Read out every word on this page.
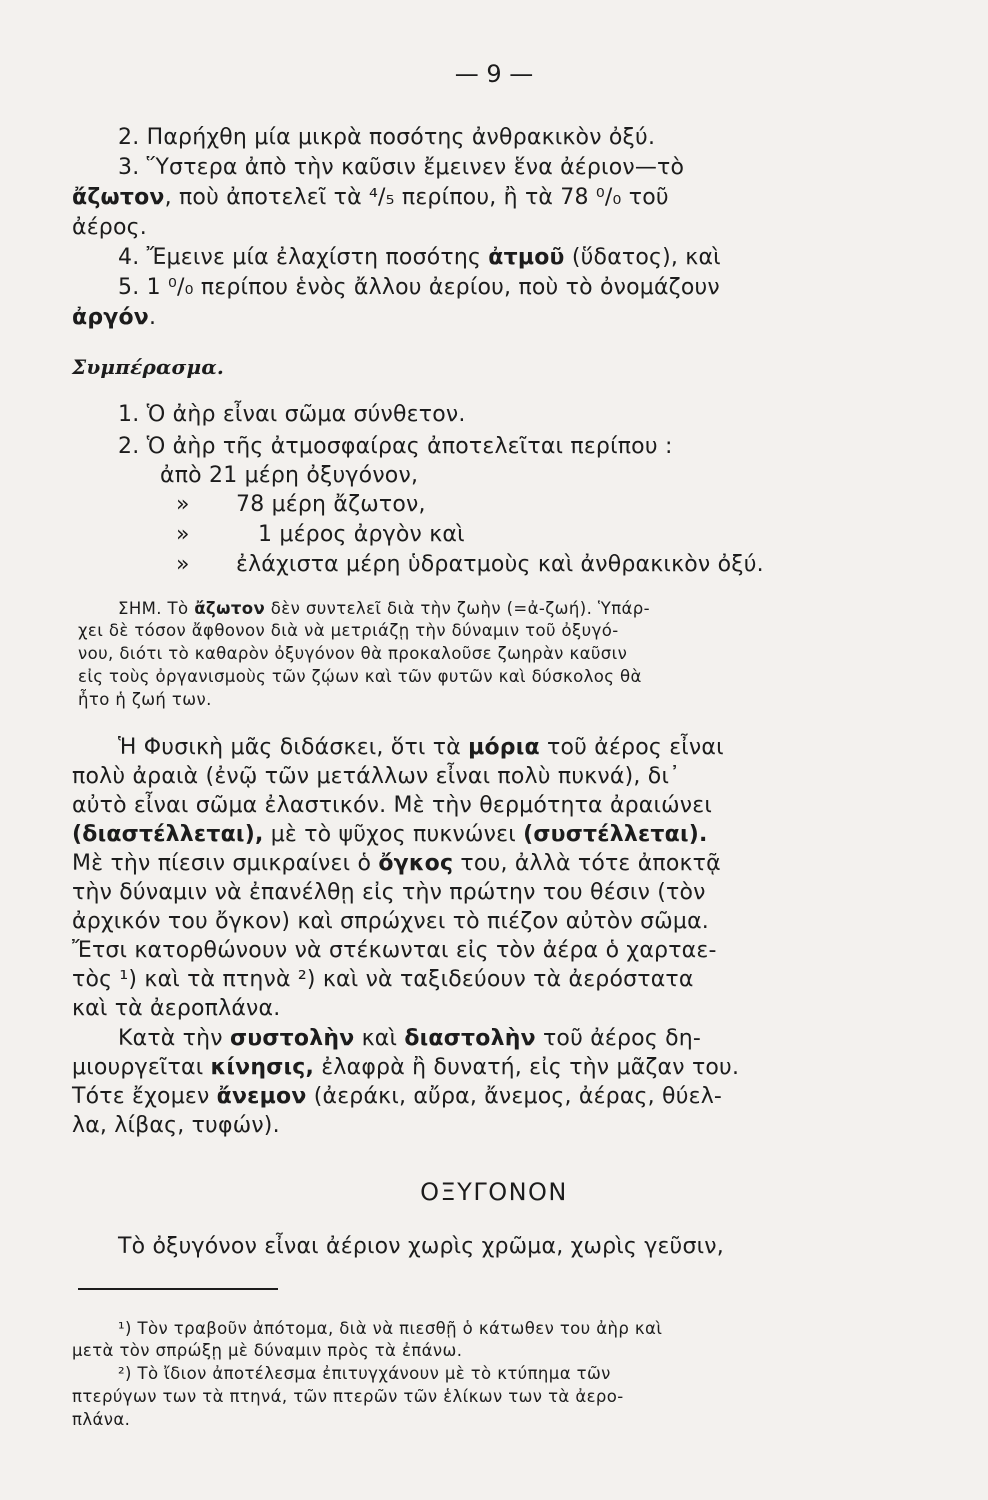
— 9 —
2. Παρήχθη μία μικρὰ ποσότης ἀνθρακικὸν ὀξύ.
3. Ὕστερα ἀπὸ τὴν καῦσιν ἔμεινεν ἕνα ἀέριον—τὸ
ἄζωτον, ποὺ ἀποτελεῖ τὰ ⁴/₅ περίπου, ἢ τὰ 78 ⁰/₀ τοῦ
ἀέρος.
4. Ἔμεινε μία ἐλαχίστη ποσότης ἀτμοῦ (ὕδατος), καὶ
5. 1 ⁰/₀ περίπου ἑνὸς ἄλλου ἀερίου, ποὺ τὸ ὀνομάζουν
ἀργόν.
Συμπέρασμα.
1. Ὁ ἀὴρ εἶναι σῶμα σύνθετον.
2. Ὁ ἀὴρ τῆς ἀτμοσφαίρας ἀποτελεῖται περίπου :
ἀπὸ 21 μέρη ὀξυγόνον,
» 78 μέρη ἄζωτον,
»	1 μέρος ἀργὸν καὶ
» ἐλάχιστα μέρη ὑδρατμοὺς καὶ ἀνθρακικὸν ὀξύ.
ΣΗΜ. Τὸ ἄζωτον δὲν συντελεῖ διὰ τὴν ζωὴν (=ἀ-ζωή). Ὑπάρ-
χει δὲ τόσον ἄφθονον διὰ νὰ μετριάζῃ τὴν δύναμιν τοῦ ὀξυγό-
νου, διότι τὸ καθαρὸν ὀξυγόνον θὰ προκαλοῦσε ζωηρὰν καῦσιν
εἰς τοὺς ὀργανισμοὺς τῶν ζῴων καὶ τῶν φυτῶν καὶ δύσκολος θὰ
ἦτο ἡ ζωή των.
Ἡ Φυσικὴ μᾶς διδάσκει, ὅτι τὰ μόρια τοῦ ἀέρος εἶναι
πολὺ ἀραιὰ (ἐνῷ τῶν μετάλλων εἶναι πολὺ πυκνά), δι᾿
αὐτὸ εἶναι σῶμα ἐλαστικόν. Μὲ τὴν θερμότητα ἀραιώνει
(διαστέλλεται), μὲ τὸ ψῦχος πυκνώνει (συστέλλεται).
Μὲ τὴν πίεσιν σμικραίνει ὁ ὄγκος του, ἀλλὰ τότε ἀποκτᾷ
τὴν δύναμιν νὰ ἐπανέλθῃ εἰς τὴν πρώτην του θέσιν (τὸν
ἀρχικόν του ὄγκον) καὶ σπρώχνει τὸ πιέζον αὐτὸν σῶμα.
Ἔτσι κατορθώνουν νὰ στέκωνται εἰς τὸν ἀέρα ὁ χαρταε-
τὸς ¹) καὶ τὰ πτηνὰ ²) καὶ νὰ ταξιδεύουν τὰ ἀερόστατα
καὶ τὰ ἀεροπλάνα.
Κατὰ τὴν συστολὴν καὶ διαστολὴν τοῦ ἀέρος δη-
μιουργεῖται κίνησις, ἐλαφρὰ ἢ δυνατή, εἰς τὴν μᾶζαν του.
Τότε ἔχομεν ἄνεμον (ἀεράκι, αὔρα, ἄνεμος, ἀέρας, θύελ-
λα, λίβας, τυφών).
ΟΞΥΓΟΝΟΝ
Τὸ ὀξυγόνον εἶναι ἀέριον χωρὶς χρῶμα, χωρὶς γεῦσιν,
¹) Τὸν τραβοῦν ἀπότομα, διὰ νὰ πιεσθῇ ὁ κάτωθεν του ἀὴρ καὶ
μετὰ τὸν σπρώξῃ μὲ δύναμιν πρὸς τὰ ἐπάνω.
²) Τὸ ἴδιον ἀποτέλεσμα ἐπιτυγχάνουν μὲ τὸ κτύπημα τῶν
πτερύγων των τὰ πτηνά, τῶν πτερῶν τῶν ἑλίκων των τὰ ἀερο-
πλάνα.
